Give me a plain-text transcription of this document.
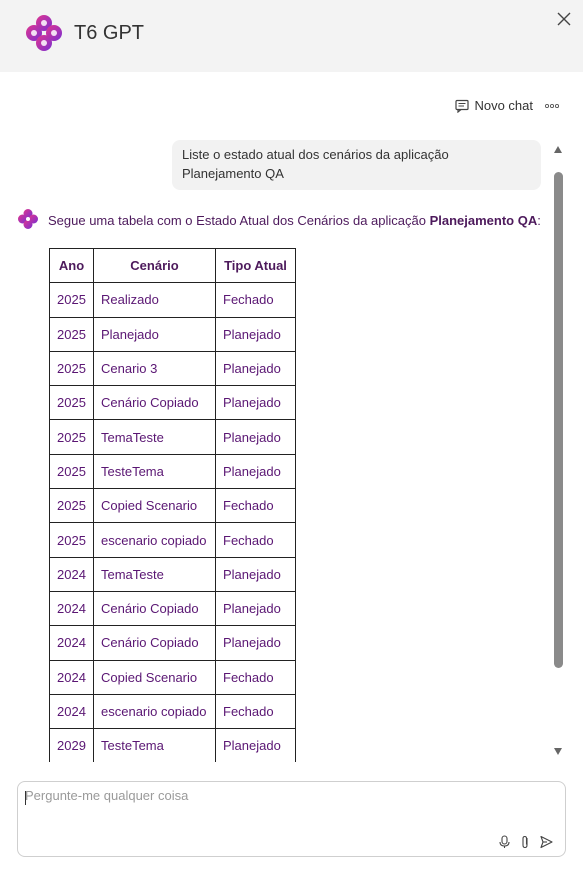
T6 GPT
Novo chat
Liste o estado atual dos cenários da aplicação Planejamento QA
Segue uma tabela com o Estado Atual dos Cenários da aplicação Planejamento QA:
Ano	Cenário	Tipo Atual
2025	Realizado	Fechado
2025	Planejado	Planejado
2025	Cenario 3	Planejado
2025	Cenário Copiado	Planejado
2025	TemaTeste	Planejado
2025	TesteTema	Planejado
2025	Copied Scenario	Fechado
2025	escenario copiado	Fechado
2024	TemaTeste	Planejado
2024	Cenário Copiado	Planejado
2024	Cenário Copiado	Planejado
2024	Copied Scenario	Fechado
2024	escenario copiado	Fechado
2029	TesteTema	Planejado
Pergunte-me qualquer coisa
